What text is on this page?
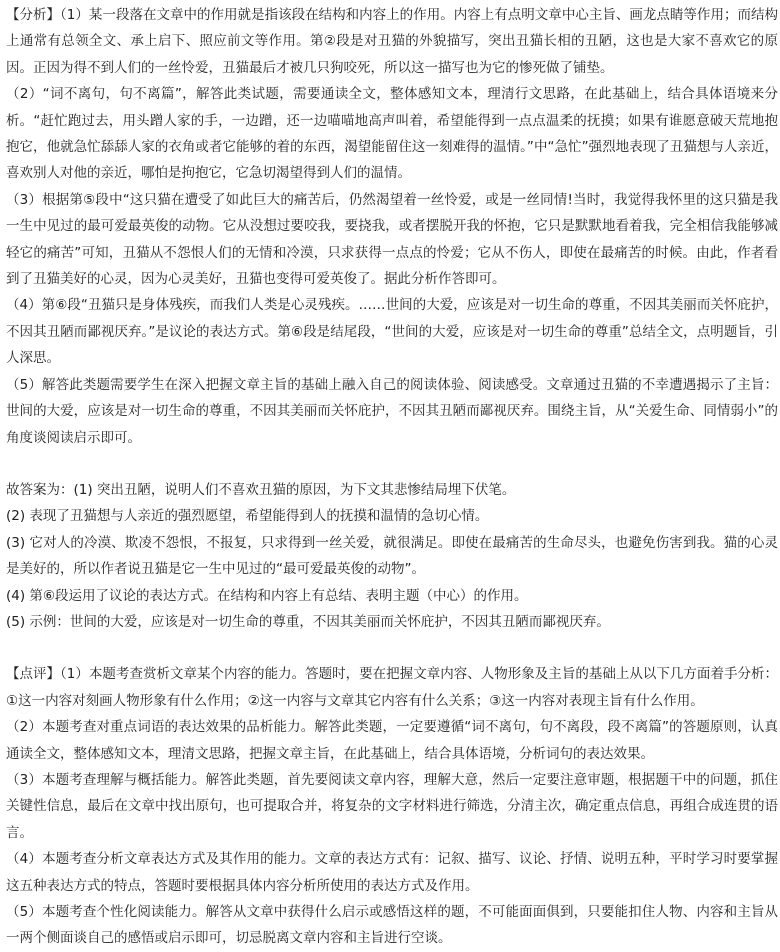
【分析】（1）某一段落在文章中的作用就是指该段在结构和内容上的作用。内容上有点明文章中心主旨、画龙点睛等作用；而结构上通常有总领全文、承上启下、照应前文等作用。第②段是对丑猫的外貌描写，突出丑猫长相的丑陋，这也是大家不喜欢它的原因。正因为得不到人们的一丝怜爱，丑猫最后才被几只狗咬死，所以这一描写也为它的惨死做了铺垫。

（2）“词不离句，句不离篇”，解答此类试题，需要通读全文，整体感知文本，理清行文思路，在此基础上，结合具体语境来分析。“赶忙跑过去，用头蹭人家的手，一边蹭，还一边喵喵地高声叫着，希望能得到一点点温柔的抚摸；如果有谁愿意破天荒地抱抱它，他就急忙舔舔人家的衣角或者它能够的着的东西，渴望能留住这一刻难得的温情。”中“急忙”强烈地表现了丑猫想与人亲近，喜欢别人对他的亲近，哪怕是拘抱它，它急切渴望得到人们的温情。

（3）根据第⑤段中“这只猫在遭受了如此巨大的痛苦后，仍然渴望着一丝怜爱，或是一丝同情!当时，我觉得我怀里的这只猫是我一生中见过的最可爱最英俊的动物。它从没想过要咬我，要挠我，或者摆脱开我的怀抱，它只是默默地看着我，完全相信我能够减轻它的痛苦”可知，丑猫从不怨恨人们的无情和冷漠，只求获得一点点的怜爱；它从不伤人，即使在最痛苦的时候。由此，作者看到了丑猫美好的心灵，因为心灵美好，丑猫也变得可爱英俊了。据此分析作答即可。

（4）第⑥段“丑猫只是身体残疾，而我们人类是心灵残疾。……世间的大爱，应该是对一切生命的尊重，不因其美丽而关怀庇护，不因其丑陋而鄙视厌弃。”是议论的表达方式。第⑥段是结尾段，“世间的大爱，应该是对一切生命的尊重”总结全文，点明题旨，引人深思。

（5）解答此类题需要学生在深入把握文章主旨的基础上融入自己的阅读体验、阅读感受。文章通过丑猫的不幸遭遇揭示了主旨：世间的大爱，应该是对一切生命的尊重，不因其美丽而关怀庇护，不因其丑陋而鄙视厌弃。围绕主旨，从“关爱生命、同情弱小”的角度谈阅读启示即可。

故答案为：(1) 突出丑陋，说明人们不喜欢丑猫的原因，为下文其悲惨结局埋下伏笔。

(2) 表现了丑猫想与人亲近的强烈愿望，希望能得到人的抚摸和温情的急切心情。

(3) 它对人的冷漠、欺凌不怨恨，不报复，只求得到一丝关爱，就很满足。即使在最痛苦的生命尽头，也避免伤害到我。猫的心灵是美好的，所以作者说丑猫是它一生中见过的“最可爱最英俊的动物”。

(4) 第⑥段运用了议论的表达方式。在结构和内容上有总结、表明主题（中心）的作用。

(5) 示例：世间的大爱，应该是对一切生命的尊重，不因其美丽而关怀庇护，不因其丑陋而鄙视厌弃。

【点评】（1）本题考查赏析文章某个内容的能力。答题时，要在把握文章内容、人物形象及主旨的基础上从以下几方面着手分析：①这一内容对刻画人物形象有什么作用；②这一内容与文章其它内容有什么关系；③这一内容对表现主旨有什么作用。

（2）本题考查对重点词语的表达效果的品析能力。解答此类题，一定要遵循“词不离句，句不离段，段不离篇”的答题原则，认真通读全文，整体感知文本，理清文思路，把握文章主旨，在此基础上，结合具体语境，分析词句的表达效果。

（3）本题考查理解与概括能力。解答此类题，首先要阅读文章内容，理解大意，然后一定要注意审题，根据题干中的问题，抓住关键性信息，最后在文章中找出原句，也可提取合并，将复杂的文字材料进行筛选，分清主次，确定重点信息，再组合成连贯的语言。

（4）本题考查分析文章表达方式及其作用的能力。文章的表达方式有：记叙、描写、议论、抒情、说明五种，平时学习时要掌握这五种表达方式的特点，答题时要根据具体内容分析所使用的表达方式及作用。

（5）本题考查个性化阅读能力。解答从文章中获得什么启示或感悟这样的题，不可能面面俱到，只要能扣住人物、内容和主旨从一两个侧面谈自己的感悟或启示即可，切忌脱离文章内容和主旨进行空谈。
